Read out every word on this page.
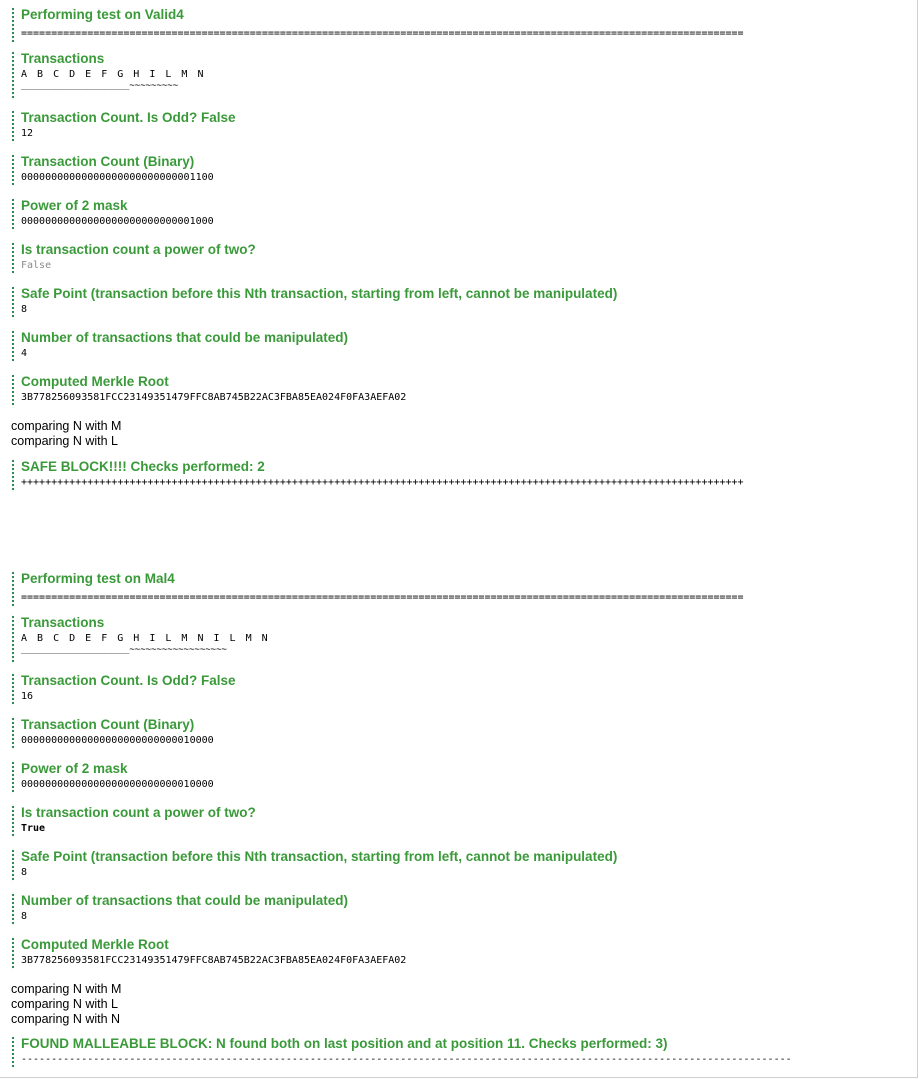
Performing test on Valid4
========================================================================================================================
Transactions
A B C D E F G H I L M N
____________________~~~~~~~~~
Transaction Count. Is Odd? False
12
Transaction Count (Binary)
00000000000000000000000000001100
Power of 2 mask
00000000000000000000000000001000
Is transaction count a power of two?
False
Safe Point (transaction before this Nth transaction, starting from left, cannot be manipulated)
8
Number of transactions that could be manipulated)
4
Computed Merkle Root
3B778256093581FCC23149351479FFC8AB745B22AC3FBA85EA024F0FA3AEFA02
comparing N with M
comparing N with L
SAFE BLOCK!!!! Checks performed: 2
++++++++++++++++++++++++++++++++++++++++++++++++++++++++++++++++++++++++++++++++++++++++++++++++++++++++++++++++++++++++
Performing test on Mal4
========================================================================================================================
Transactions
A B C D E F G H I L M N I L M N
____________________~~~~~~~~~~~~~~~~~~
Transaction Count. Is Odd? False
16
Transaction Count (Binary)
00000000000000000000000000010000
Power of 2 mask
00000000000000000000000000010000
Is transaction count a power of two?
True
Safe Point (transaction before this Nth transaction, starting from left, cannot be manipulated)
8
Number of transactions that could be manipulated)
8
Computed Merkle Root
3B778256093581FCC23149351479FFC8AB745B22AC3FBA85EA024F0FA3AEFA02
comparing N with M
comparing N with L
comparing N with N
FOUND MALLEABLE BLOCK: N found both on last position and at position 11. Checks performed: 3)
--------------------------------------------------------------------------------------------------------------------------------
